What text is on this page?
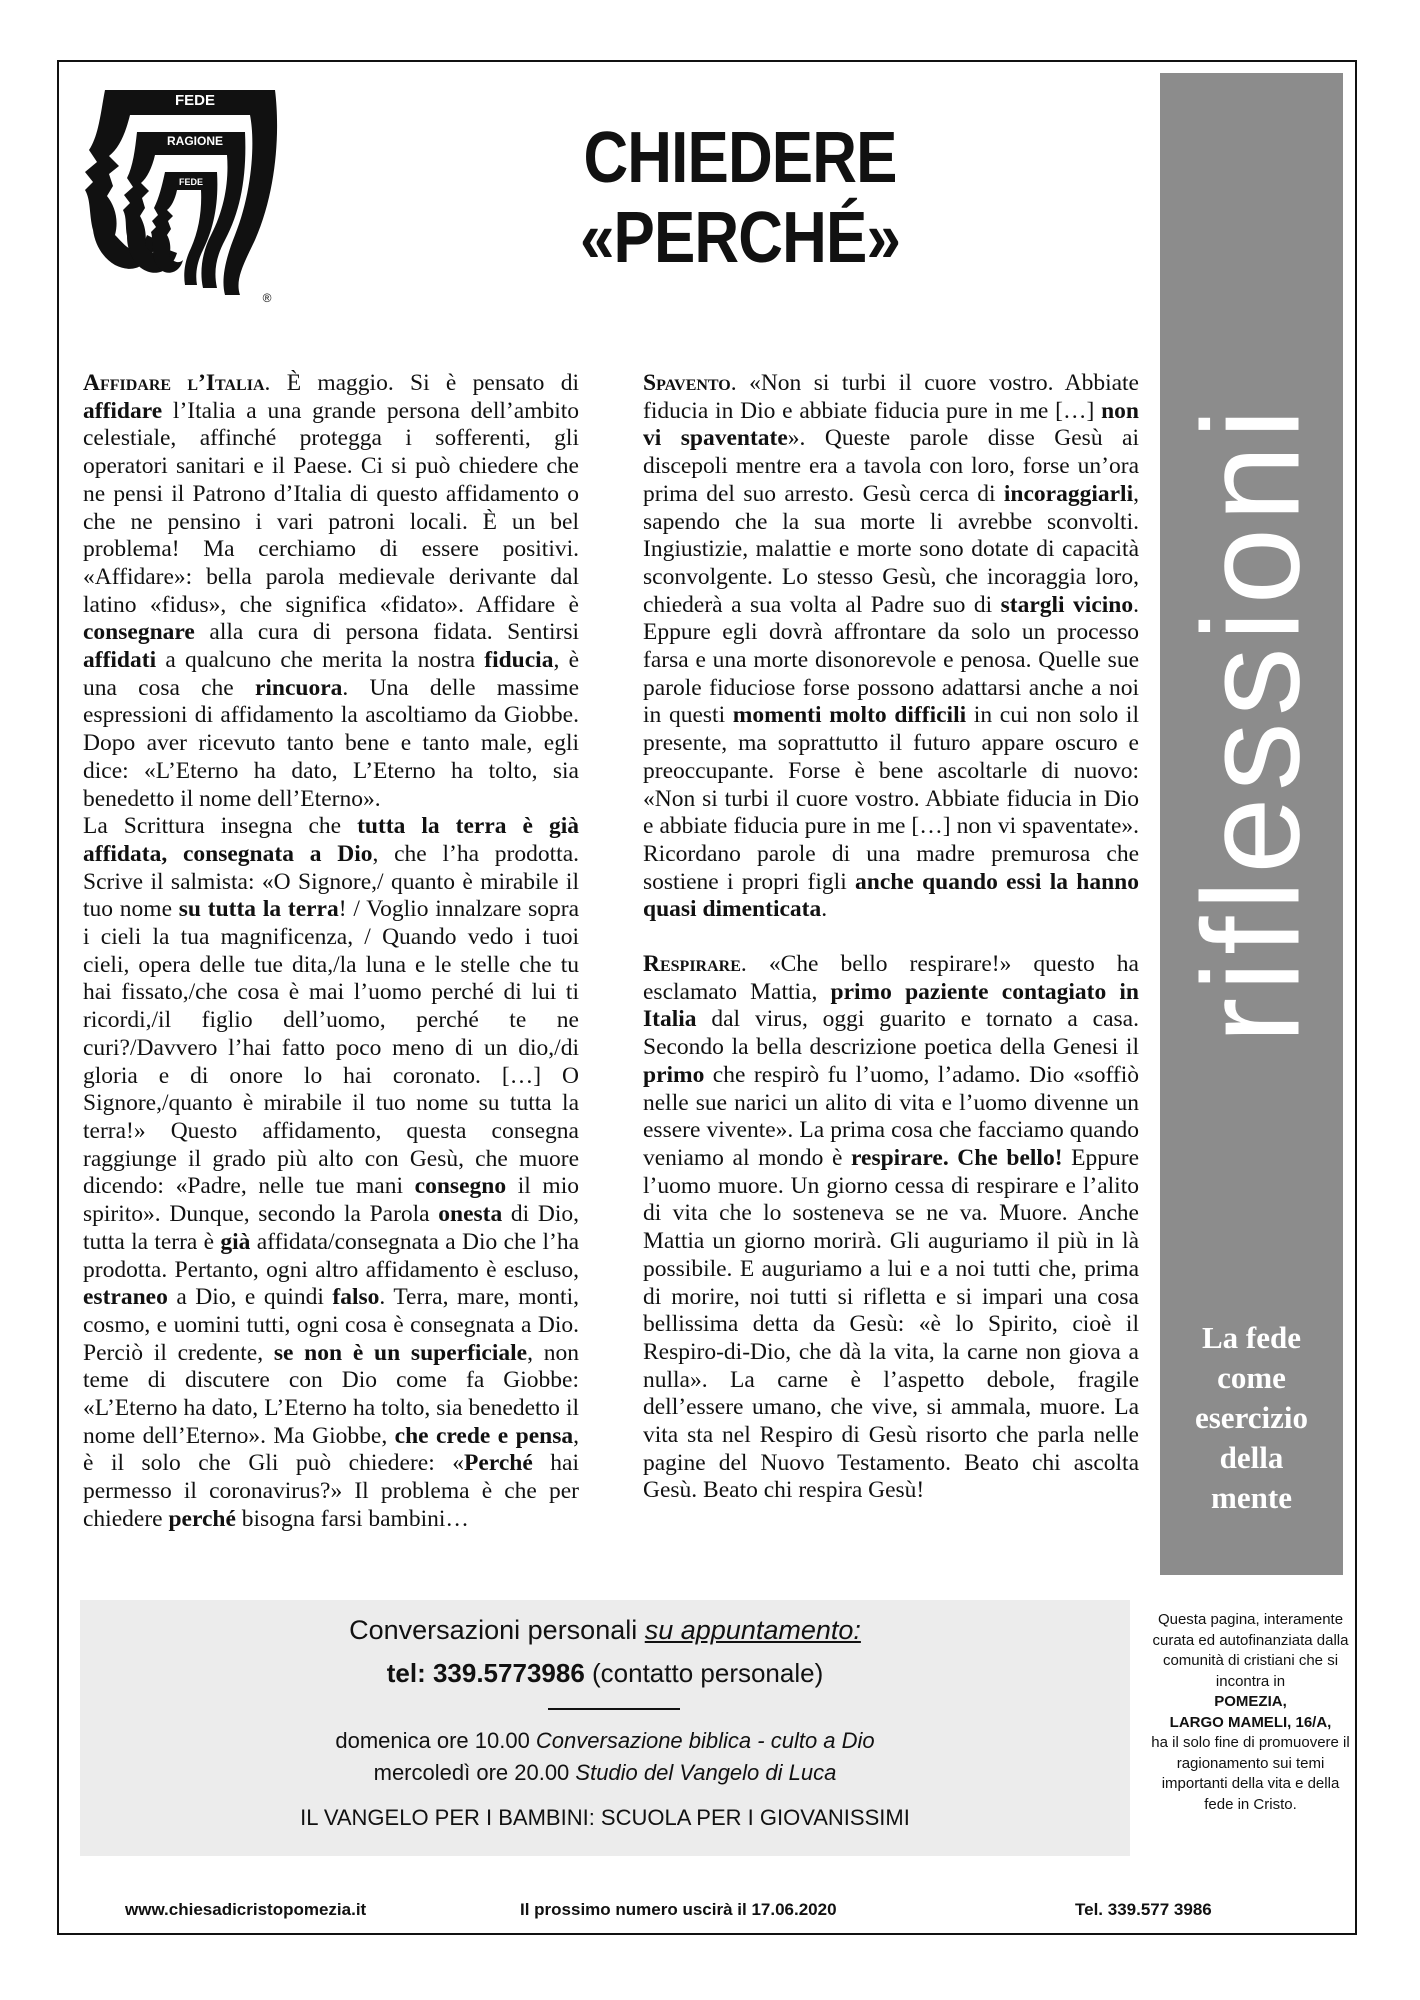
FEDE
RAGIONE
RAGIONE
FEDE
®
CHIEDERE
«PERCHÉ»
riflessioni
La fede
come
esercizio
della
mente

Affidare l’Italia. È maggio. Si è pensato di affidare l’Italia a una grande persona dell’ambito celestiale, affinché protegga i sofferenti, gli operatori sanitari e il Paese. Ci si può chiedere che ne pensi il Patrono d’Italia di questo affidamento o che ne pensino i vari patroni locali. È un bel problema! Ma cerchiamo di essere positivi. «Affidare»: bella parola medievale derivante dal latino «fidus», che significa «fidato». Affidare è consegnare alla cura di persona fidata. Sentirsi affidati a qualcuno che merita la nostra fiducia, è una cosa che rincuora. Una delle massime espressioni di affidamento la ascoltiamo da Giobbe. Dopo aver ricevuto tanto bene e tanto male, egli dice: «L’Eterno ha dato, L’Eterno ha tolto, sia benedetto il nome dell’Eterno».

La Scrittura insegna che tutta la terra è già affidata, consegnata a Dio, che l’ha prodotta. Scrive il salmista: «O Signore,/ quanto è mirabile il tuo nome su tutta la terra! / Voglio innalzare sopra i cieli la tua magnificenza, / Quando vedo i tuoi cieli, opera delle tue dita,/la luna e le stelle che tu hai fissato,/che cosa è mai l’uomo perché di lui ti ricordi,/il figlio dell’uomo, perché te ne curi?/Davvero l’hai fatto poco meno di un dio,/di gloria e di onore lo hai coronato. […] O Signore,/quanto è mirabile il tuo nome su tutta la terra!» Questo affidamento, questa consegna raggiunge il grado più alto con Gesù, che muore dicendo: «Padre, nelle tue mani consegno il mio spirito». Dunque, secondo la Parola onesta di Dio, tutta la terra è già affidata/consegnata a Dio che l’ha prodotta. Pertanto, ogni altro affidamento è escluso, estraneo a Dio, e quindi falso. Terra, mare, monti, cosmo, e uomini tutti, ogni cosa è consegnata a Dio. Perciò il credente, se non è un superficiale, non teme di discutere con Dio come fa Giobbe: «L’Eterno ha dato, L’Eterno ha tolto, sia benedetto il nome dell’Eterno». Ma Giobbe, che crede e pensa, è il solo che Gli può chiedere: «Perché hai permesso il coronavirus?» Il problema è che per chiedere perché bisogna farsi bambini…

Spavento. «Non si turbi il cuore vostro. Abbiate fiducia in Dio e abbiate fiducia pure in me […] non vi spaventate». Queste parole disse Gesù ai discepoli mentre era a tavola con loro, forse un’ora prima del suo arresto. Gesù cerca di incoraggiarli, sapendo che la sua morte li avrebbe sconvolti. Ingiustizie, malattie e morte sono dotate di capacità sconvolgente. Lo stesso Gesù, che incoraggia loro, chiederà a sua volta al Padre suo di stargli vicino. Eppure egli dovrà affrontare da solo un processo farsa e una morte disonorevole e penosa. Quelle sue parole fiduciose forse possono adattarsi anche a noi in questi momenti molto difficili in cui non solo il presente, ma soprattutto il futuro appare oscuro e preoccupante. Forse è bene ascoltarle di nuovo: «Non si turbi il cuore vostro. Abbiate fiducia in Dio e abbiate fiducia pure in me […] non vi spaventate». Ricordano parole di una madre premurosa che sostiene i propri figli anche quando essi la hanno quasi dimenticata.

Respirare. «Che bello respirare!» questo ha esclamato Mattia, primo paziente contagiato in Italia dal virus, oggi guarito e tornato a casa. Secondo la bella descrizione poetica della Genesi il primo che respirò fu l’uomo, l’adamo. Dio «soffiò nelle sue narici un alito di vita e l’uomo divenne un essere vivente». La prima cosa che facciamo quando veniamo al mondo è respirare. Che bello! Eppure l’uomo muore. Un giorno cessa di respirare e l’alito di vita che lo sosteneva se ne va. Muore. Anche Mattia un giorno morirà. Gli auguriamo il più in là possibile. E auguriamo a lui e a noi tutti che, prima di morire, noi tutti si rifletta e si impari una cosa bellissima detta da Gesù: «è lo Spirito, cioè il Respiro-di-Dio, che dà la vita, la carne non giova a nulla». La carne è l’aspetto debole, fragile dell’essere umano, che vive, si ammala, muore. La vita sta nel Respiro di Gesù risorto che parla nelle pagine del Nuovo Testamento. Beato chi ascolta Gesù. Beato chi respira Gesù!

Conversazioni personali su appuntamento:
tel: 339.5773986 (contatto personale)
domenica ore 10.00 Conversazione biblica - culto a Dio
mercoledì ore 20.00 Studio del Vangelo di Luca
IL VANGELO PER I BAMBINI: SCUOLA PER I GIOVANISSIMI
Questa pagina, interamente curata ed autofinanziata dalla comunità di cristiani che si incontra in
POMEZIA,
LARGO MAMELI, 16/A,
ha il solo fine di promuovere il ragionamento sui temi importanti della vita e della fede in Cristo.
www.chiesadicristopomezia.it	Il prossimo numero uscirà il 17.06.2020	Tel. 339.577 3986
